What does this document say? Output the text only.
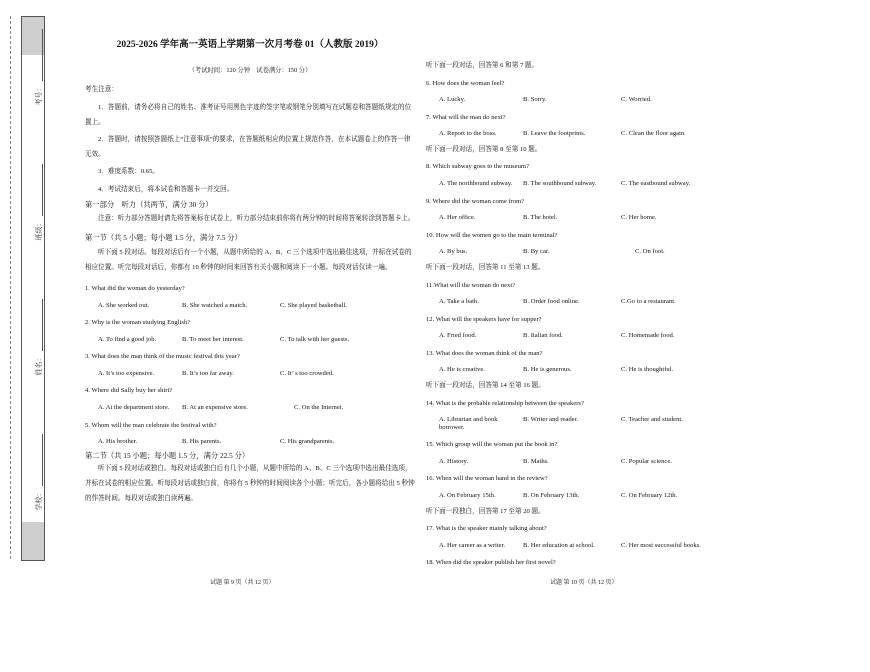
学校：
姓名：
班级：
考号：
2025-2026 学年高一英语上学期第一次月考卷 01（人教版 2019）
（考试时间：120 分钟　试卷满分：150 分）
考生注意：
1．答题前，请务必将自己的姓名、准考证号用黑色字迹的签字笔或钢笔分别填写在试题卷和答题纸规定的位置上。
2．答题时，请按照答题纸上“注意事项”的要求，在答题纸相应的位置上规范作答，在本试题卷上的作答一律无效。
3．难度系数：0.65。
4．考试结束后，将本试卷和答题卡一并交回。
第一部分　听力（共两节，满分 30 分）
注意：听力部分答题时请先将答案标在试卷上，听力部分结束前你将有两分钟的时间将答案转涂到答题卡上。
第一节（共 5 小题；每小题 1.5 分，满分 7.5 分）
听下面 5 段对话。每段对话后有一个小题，从题中所给的 A、B、C 三个选项中选出最佳选项，并标在试卷的相应位置。听完每段对话后，你都有 10 秒钟的时间来回答有关小题和阅读下一小题。每段对话仅读一遍。
1. What did the woman do yesterday?
A. She worked out.	B. She watched a match.	C. She played basketball.
2. Why is the woman studying English?
A. To find a good job.	B. To meet her interest.	C. To talk with her guests.
3. What does the man think of the music festival this year?
A. It’s too expensive.	B. It’s too far away.	C. It’ s too crowded.
4. Where did Sally buy her shirt?
A. At the department store.	B. At an expensive store.	C. On the Internet.
5. Whom will the man celebrate the festival with?
A. His brother.	B. His parents.	C. His grandparents.
第二节（共 15 小题；每小题 1.5 分，满分 22.5 分）
听下面 5 段对话或独白。每段对话或独白后有几个小题，从题中所给的 A、B、C 三个选项中选出最佳选项，并标在试卷的相应位置。听每段对话或独白前，你将有 5 秒钟的时间阅读各个小题；听完后，各小题将给出 5 秒钟的作答时间。每段对话或独白读两遍。
听下面一段对话，回答第 6 和第 7 题。
6. How does the woman feel?
A. Lucky.	B. Sorry.	C. Worried.
7. What will the man do next?
A. Report to the boss.	B. Leave the footprints.	C. Clean the floor again.
听下面一段对话，回答第 8 至第 10 题。
8. Which subway goes to the museum?
A. The northbound subway.	B. The southbound subway.	C. The eastbound subway.
9. Where did the woman come from?
A. Her office.	B. The hotel.	C. Her home.
10. How will the women go to the main terminal?
A. By bus.	B. By car.	C. On foot.
听下面一段对话，回答第 11 至第 13 题。
11.What will the woman do next?
A. Take a bath.	B. Order food online.	C.Go to a restaurant.
12. What will the speakers have for supper?
A. Fried food.	B. Italian food.	C. Homemade food.
13. What does the woman think of the man?
A. He is creative.	B. He is generous.	C. He is thoughtful.
听下面一段对话，回答第 14 至第 16 题。
14. What is the probable relationship between the speakers?
A. Librarian and book borrower.
B. Writer and reader.	C. Teacher and student.
15. Which group will the woman put the book in?
A. History.	B. Maths.	C. Popular science.
16. When will the woman hand in the review?
A. On February 15th.	B. On February 13th.	C. On February 12th.
听下面一段独白，回答第 17 至第 20 题。
17. What is the speaker mainly talking about?
A. Her career as a writer.	B. Her education at school.	C. Her most successful books.
18. When did the speaker publish her first novel?
试题 第 9 页（共 12 页）	试题 第 10 页（共 12 页）
